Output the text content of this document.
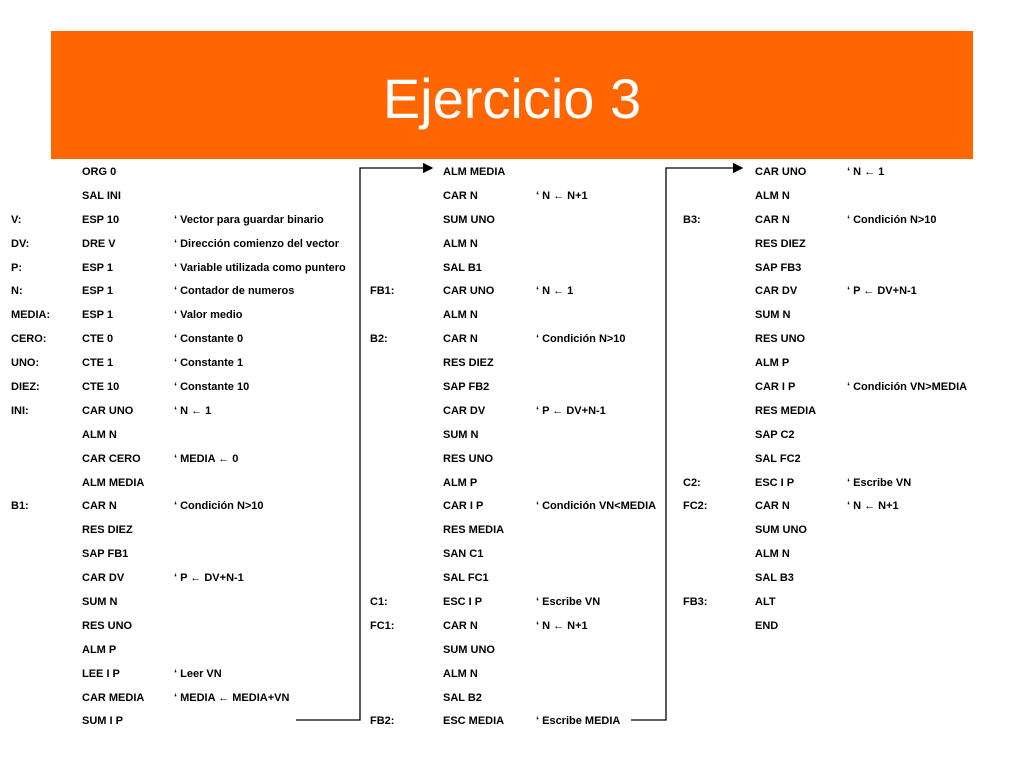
Ejercicio 3
ORG 0
SAL INI
V:	ESP 10	‘ Vector para guardar binario
DV:	DRE V	‘ Dirección comienzo del vector
P:	ESP 1	‘ Variable utilizada como puntero
N:	ESP 1	‘ Contador de numeros
MEDIA:	ESP 1	‘ Valor medio
CERO:	CTE 0	‘ Constante 0
UNO:	CTE 1	‘ Constante 1
DIEZ:	CTE 10	‘ Constante 10
INI:	CAR UNO	‘ N ← 1
ALM N
CAR CERO	‘ MEDIA ← 0
ALM MEDIA
B1:	CAR N	‘ Condición N>10
RES DIEZ
SAP FB1
CAR DV	‘ P ← DV+N-1
SUM N
RES UNO
ALM P
LEE I P	‘ Leer VN
CAR MEDIA	‘ MEDIA ← MEDIA+VN
SUM I P
ALM MEDIA
CAR N	‘ N ← N+1
SUM UNO
ALM N
SAL B1
FB1:	CAR UNO	‘ N ← 1
ALM N
B2:	CAR N	‘ Condición N>10
RES DIEZ
SAP FB2
CAR DV	‘ P ← DV+N-1
SUM N
RES UNO
ALM P
CAR I P	‘ Condición VN<MEDIA
RES MEDIA
SAN C1
SAL FC1
C1:	ESC I P	‘ Escribe VN
FC1:	CAR N	‘ N ← N+1
SUM UNO
ALM N
SAL B2
FB2:	ESC MEDIA	‘ Escribe MEDIA
CAR UNO	‘ N ← 1
ALM N
B3:	CAR N	‘ Condición N>10
RES DIEZ
SAP FB3
CAR DV	‘ P ← DV+N-1
SUM N
RES UNO
ALM P
CAR I P	‘ Condición VN>MEDIA
RES MEDIA
SAP C2
SAL FC2
C2:	ESC I P	‘ Escribe VN
FC2:	CAR N	‘ N ← N+1
SUM UNO
ALM N
SAL B3
FB3:	ALT
END
